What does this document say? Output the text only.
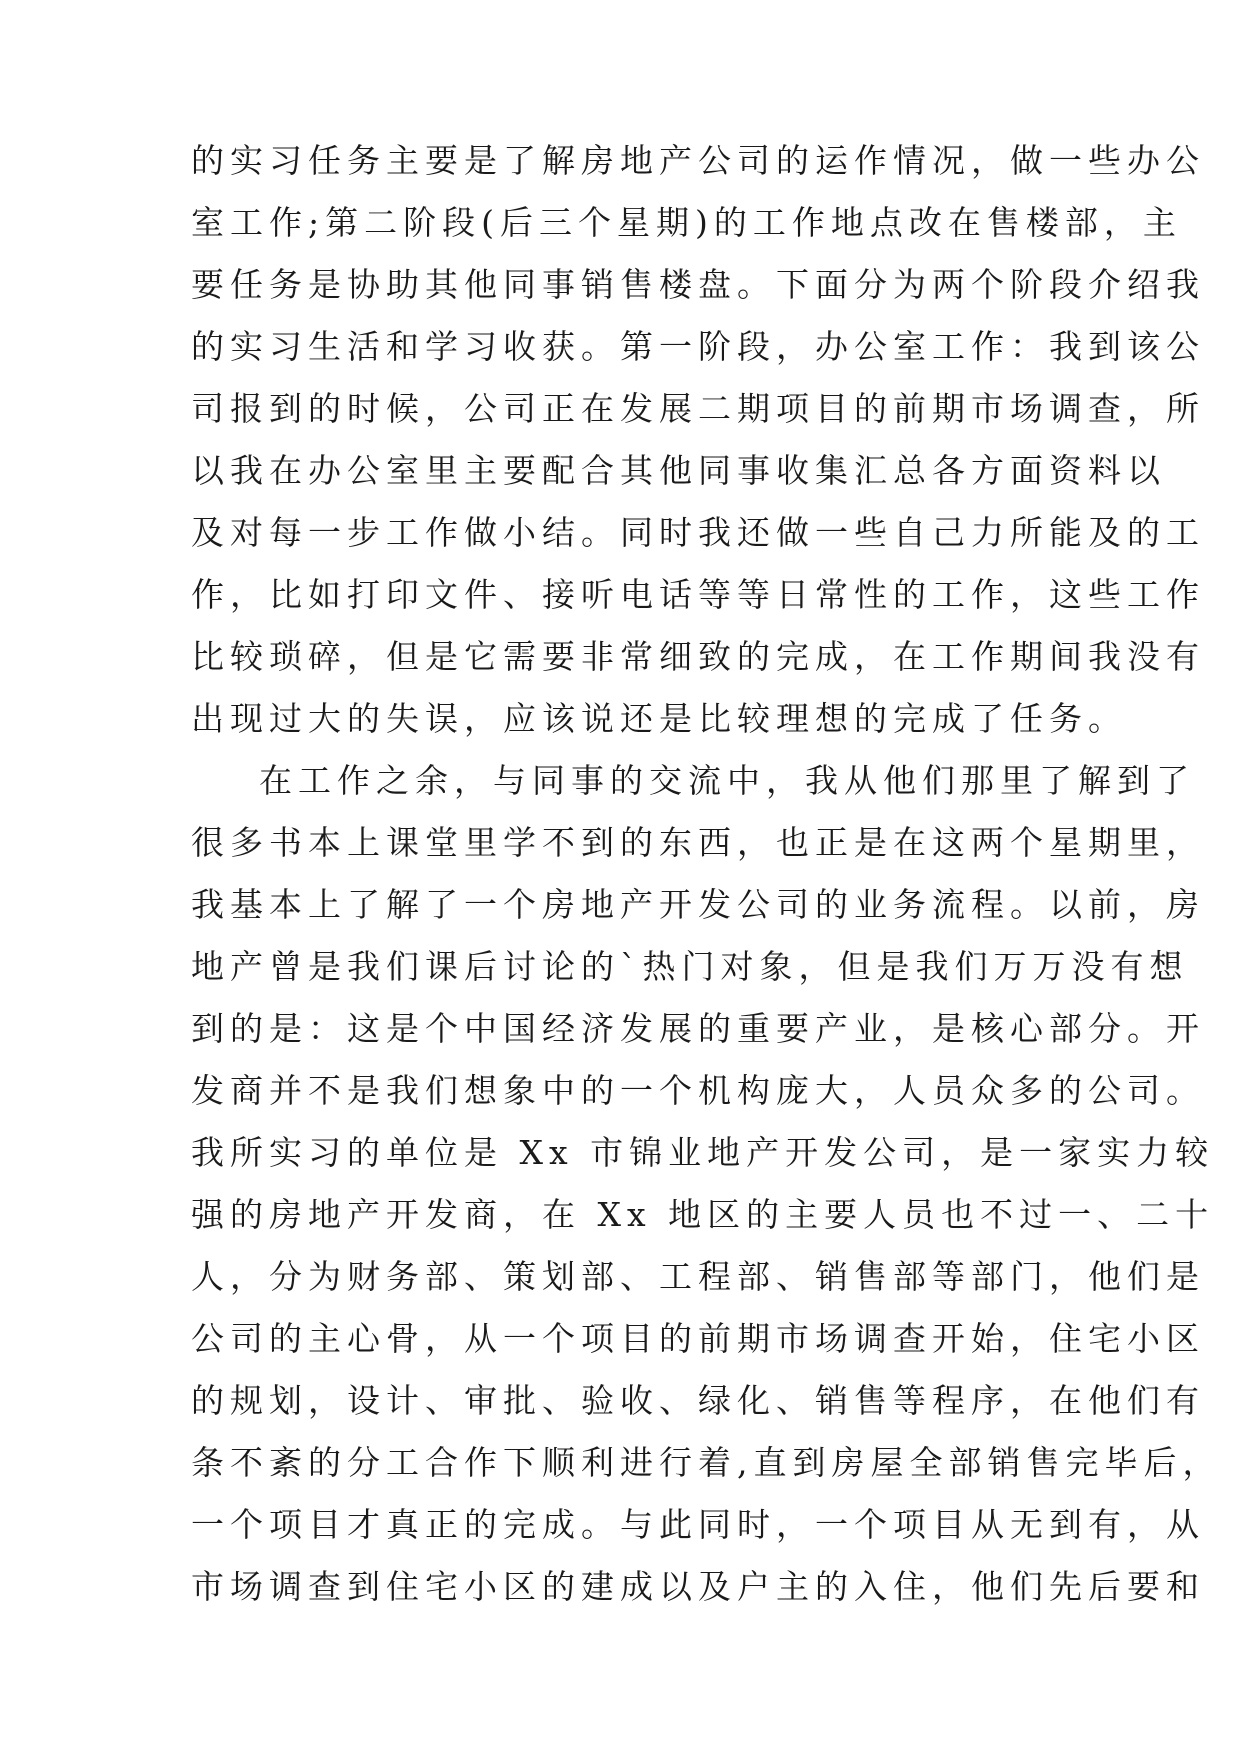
的实习任务主要是了解房地产公司的运作情况，做一些办公
室工作;第二阶段(后三个星期)的工作地点改在售楼部，主
要任务是协助其他同事销售楼盘。下面分为两个阶段介绍我
的实习生活和学习收获。第一阶段，办公室工作：我到该公
司报到的时候，公司正在发展二期项目的前期市场调查，所
以我在办公室里主要配合其他同事收集汇总各方面资料以
及对每一步工作做小结。同时我还做一些自己力所能及的工
作，比如打印文件、接听电话等等日常性的工作，这些工作
比较琐碎，但是它需要非常细致的完成，在工作期间我没有
出现过大的失误，应该说还是比较理想的完成了任务。
在工作之余，与同事的交流中，我从他们那里了解到了
很多书本上课堂里学不到的东西，也正是在这两个星期里，
我基本上了解了一个房地产开发公司的业务流程。以前，房
地产曾是我们课后讨论的`热门对象，但是我们万万没有想
到的是：这是个中国经济发展的重要产业，是核心部分。开
发商并不是我们想象中的一个机构庞大，人员众多的公司。
我所实习的单位是 Xx 市锦业地产开发公司，是一家实力较
强的房地产开发商，在 Xx 地区的主要人员也不过一、二十
人，分为财务部、策划部、工程部、销售部等部门，他们是
公司的主心骨，从一个项目的前期市场调查开始，住宅小区
的规划，设计、审批、验收、绿化、销售等程序，在他们有
条不紊的分工合作下顺利进行着,直到房屋全部销售完毕后，
一个项目才真正的完成。与此同时，一个项目从无到有，从
市场调查到住宅小区的建成以及户主的入住，他们先后要和
